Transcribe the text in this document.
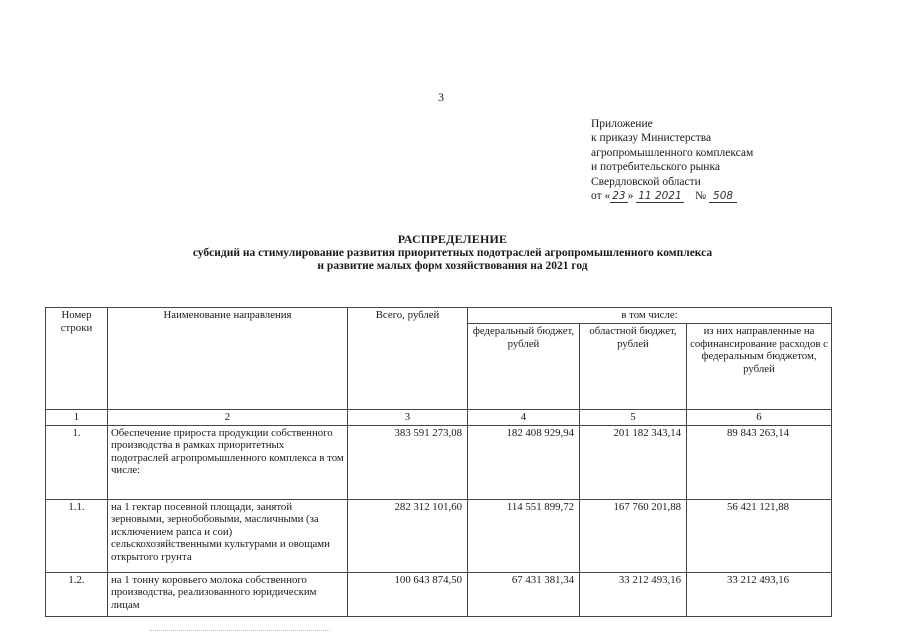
3
Приложение
к приказу Министерства
агропромышленного комплексам
и потребительского рынка
Свердловской области
от « 23 » 11 2021 № 508
РАСПРЕДЕЛЕНИЕ
субсидий на стимулирование развития приоритетных подотраслей агропромышленного комплекса
и развитие малых форм хозяйствования на 2021 год
Номер строки	Наименование направления	Всего, рублей	в том числе:		
			федеральный бюджет, рублей	областной бюджет, рублей	из них направленные на софинансирование расходов с федеральным бюджетом, рублей
1	2	3	4	5	6
1.	Обеспечение прироста продукции собственного производства в рамках приоритетных подотраслей агропромышленного комплекса в том числе:	383 591 273,08	182 408 929,94	201 182 343,14	89 843 263,14
1.1.	на 1 гектар посевной площади, занятой зерновыми, зернобобовыми, масличными (за исключением рапса и сои) сельскохозяйственными культурами и овощами открытого грунта	282 312 101,60	114 551 899,72	167 760 201,88	56 421 121,88
1.2.	на 1 тонну коровьего молока собственного производства, реализованного юридическим лицам	100 643 874,50	67 431 381,34	33 212 493,16	33 212 493,16
